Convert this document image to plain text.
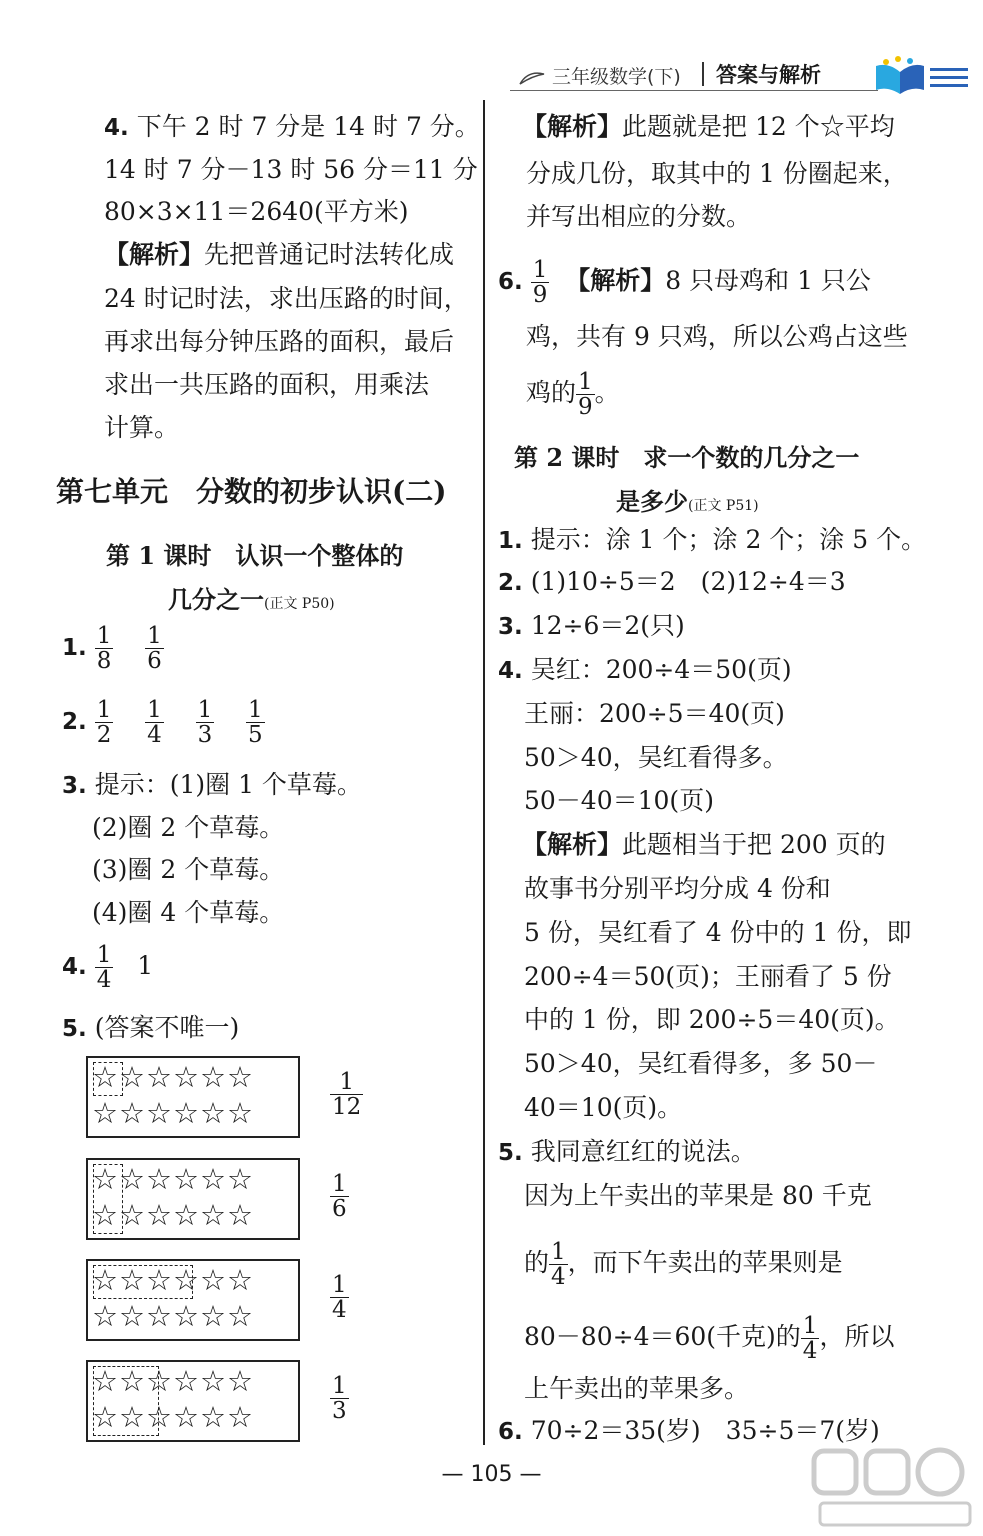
三年级数学(下) 答案与解析
4. 下午 2 时 7 分是 14 时 7 分。
14 时 7 分－13 时 56 分＝11 分
80×3×11＝2640(平方米)
【解析】先把普通记时法转化成
24 时记时法，求出压路的时间，
再求出每分钟压路的面积，最后
求出一共压路的面积，用乘法
计算。
第七单元　分数的初步认识(二)
第 1 课时　认识一个整体的
几分之一(正文 P50)
1. $\frac{1}{8}$
$\frac{1}{6}$
2. $\frac{1}{2}$
$\frac{1}{4}$
$\frac{1}{3}$
$\frac{1}{5}$
3. 提示：(1)圈 1 个草莓。
(2)圈 2 个草莓。
(3)圈 2 个草莓。
(4)圈 4 个草莓。
4. $\frac{1}{4} 1$
5. (答案不唯一)
☆☆☆☆☆☆
☆☆☆☆☆☆	$\frac{1}{12}$
☆☆☆☆☆☆
☆☆☆☆☆☆	$\frac{1}{6}$
☆☆☆☆☆☆
☆☆☆☆☆☆	$\frac{1}{4}$
☆☆☆☆☆☆
☆☆☆☆☆☆	$\frac{1}{3}$
【解析】此题就是把 12 个☆平均
分成几份，取其中的 1 份圈起来，
并写出相应的分数。
6. $\frac{1}{9}$ 【解析】8 只母鸡和 1 只公
鸡，共有 9 只鸡，所以公鸡占这些
鸡的 $\frac{1}{9}$ 。
第 2 课时　求一个数的几分之一
是多少(正文 P51)
1. 提示：涂 1 个；涂 2 个；涂 5 个。
2. (1)10÷5＝2　(2)12÷4＝3
3. 12÷6＝2(只)
4. 吴红：200÷4＝50(页)
王丽：200÷5＝40(页)
50＞40，吴红看得多。
50－40＝10(页)
【解析】此题相当于把 200 页的
故事书分别平均分成 4 份和
5 份，吴红看了 4 份中的 1 份，即
200÷4＝50(页)；王丽看了 5 份
中的 1 份，即 200÷5＝40(页)。
50＞40，吴红看得多，多 50－
40＝10(页)。
5. 我同意红红的说法。
因为上午卖出的苹果是 80 千克
的 $\frac{1}{4}$ ，而下午卖出的苹果则是
80－80÷4＝60(千克)的 $\frac{1}{4}$ ，所以
上午卖出的苹果多。
6. 70÷2＝35(岁)　35÷5＝7(岁)
— 105 —
